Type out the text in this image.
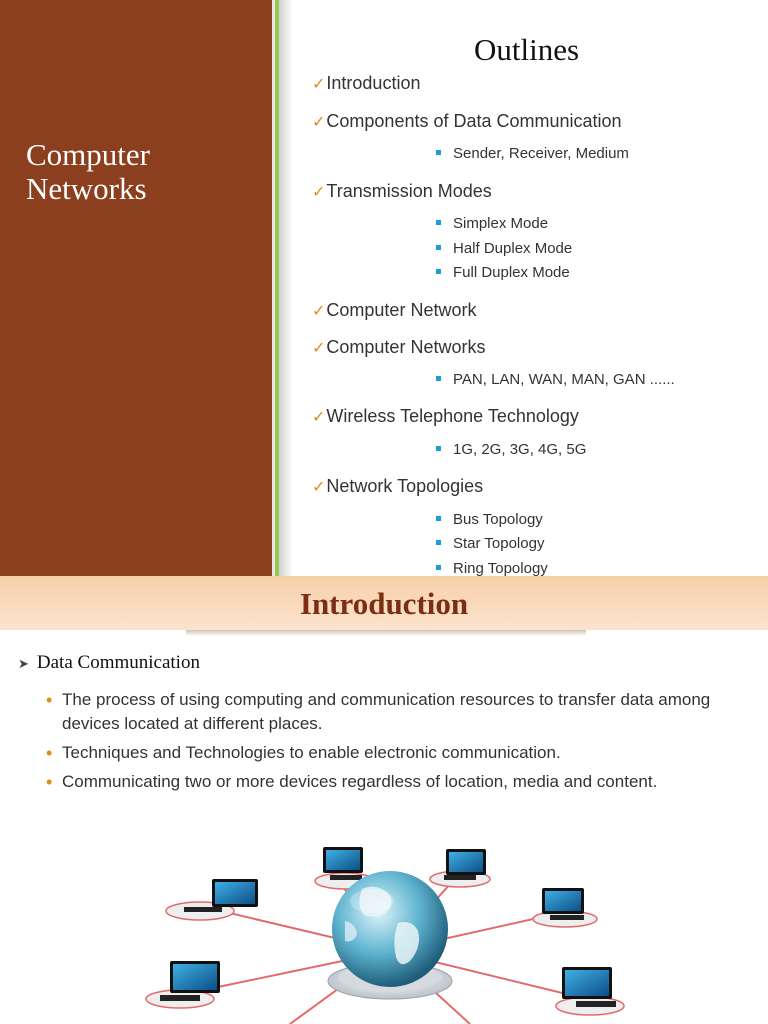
Computer
Networks
Outlines
✓Introduction
✓Components of Data Communication
Sender, Receiver, Medium
✓Transmission Modes
Simplex Mode
Half Duplex Mode
Full Duplex Mode
✓Computer Network
✓Computer Networks
PAN, LAN, WAN, MAN, GAN ......
✓Wireless Telephone Technology
1G, 2G, 3G, 4G, 5G
✓Network Topologies
Bus Topology
Star Topology
Ring Topology
Introduction
➤ Data Communication
• The process of using computing and communication resources to transfer data among devices located at different places.
• Techniques and Technologies to enable electronic communication.
• Communicating two or more devices regardless of location, media and content.
